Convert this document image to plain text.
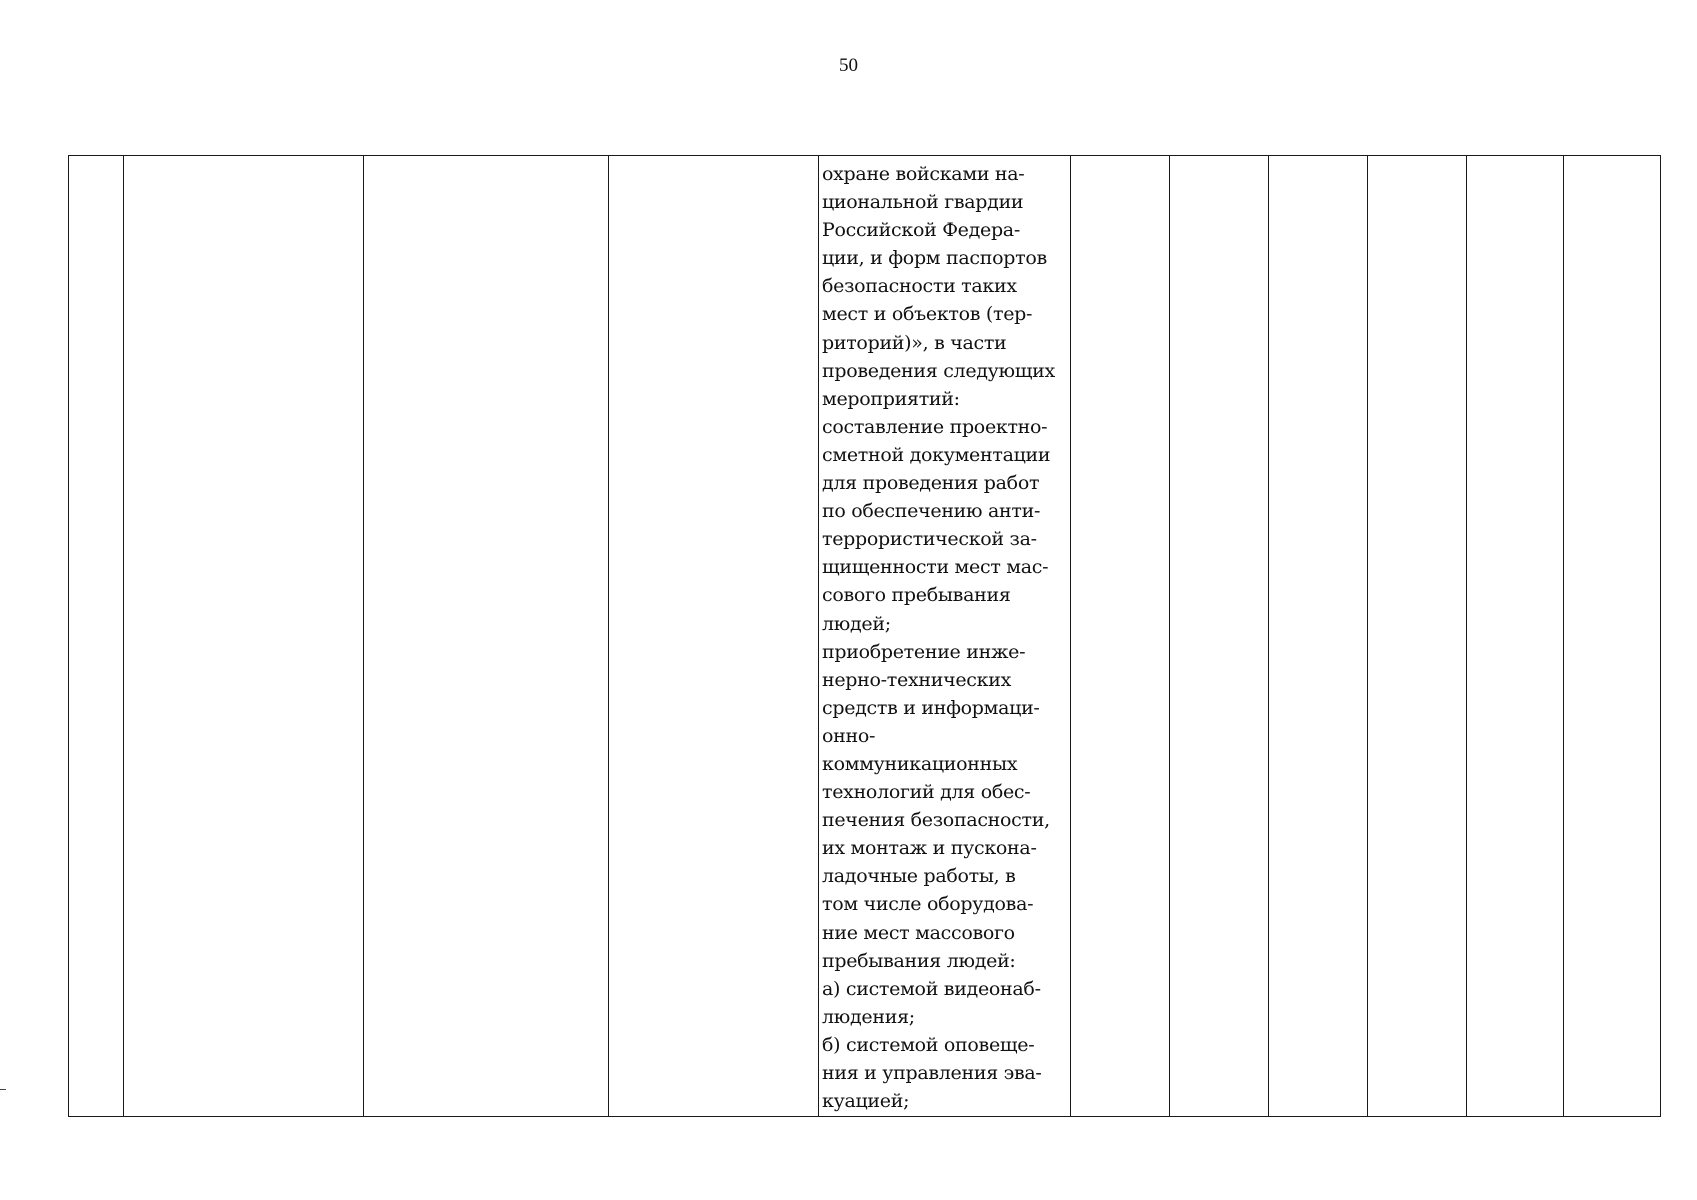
50

охране войсками на-
циональной гвардии
Российской Федера-
ции, и форм паспортов
безопасности таких
мест и объектов (тер-
риторий)», в части
проведения следующих
мероприятий:
составление проектно-
сметной документации
для проведения работ
по обеспечению анти-
террористической за-
щищенности мест мас-
сового пребывания
людей;
приобретение инже-
нерно-технических
средств и информаци-
онно-
коммуникационных
технологий для обес-
печения безопасности,
их монтаж и пускона-
ладочные работы, в
том числе оборудова-
ние мест массового
пребывания людей:
а) системой видеонаб-
людения;
б) системой оповеще-
ния и управления эва-
куацией;
